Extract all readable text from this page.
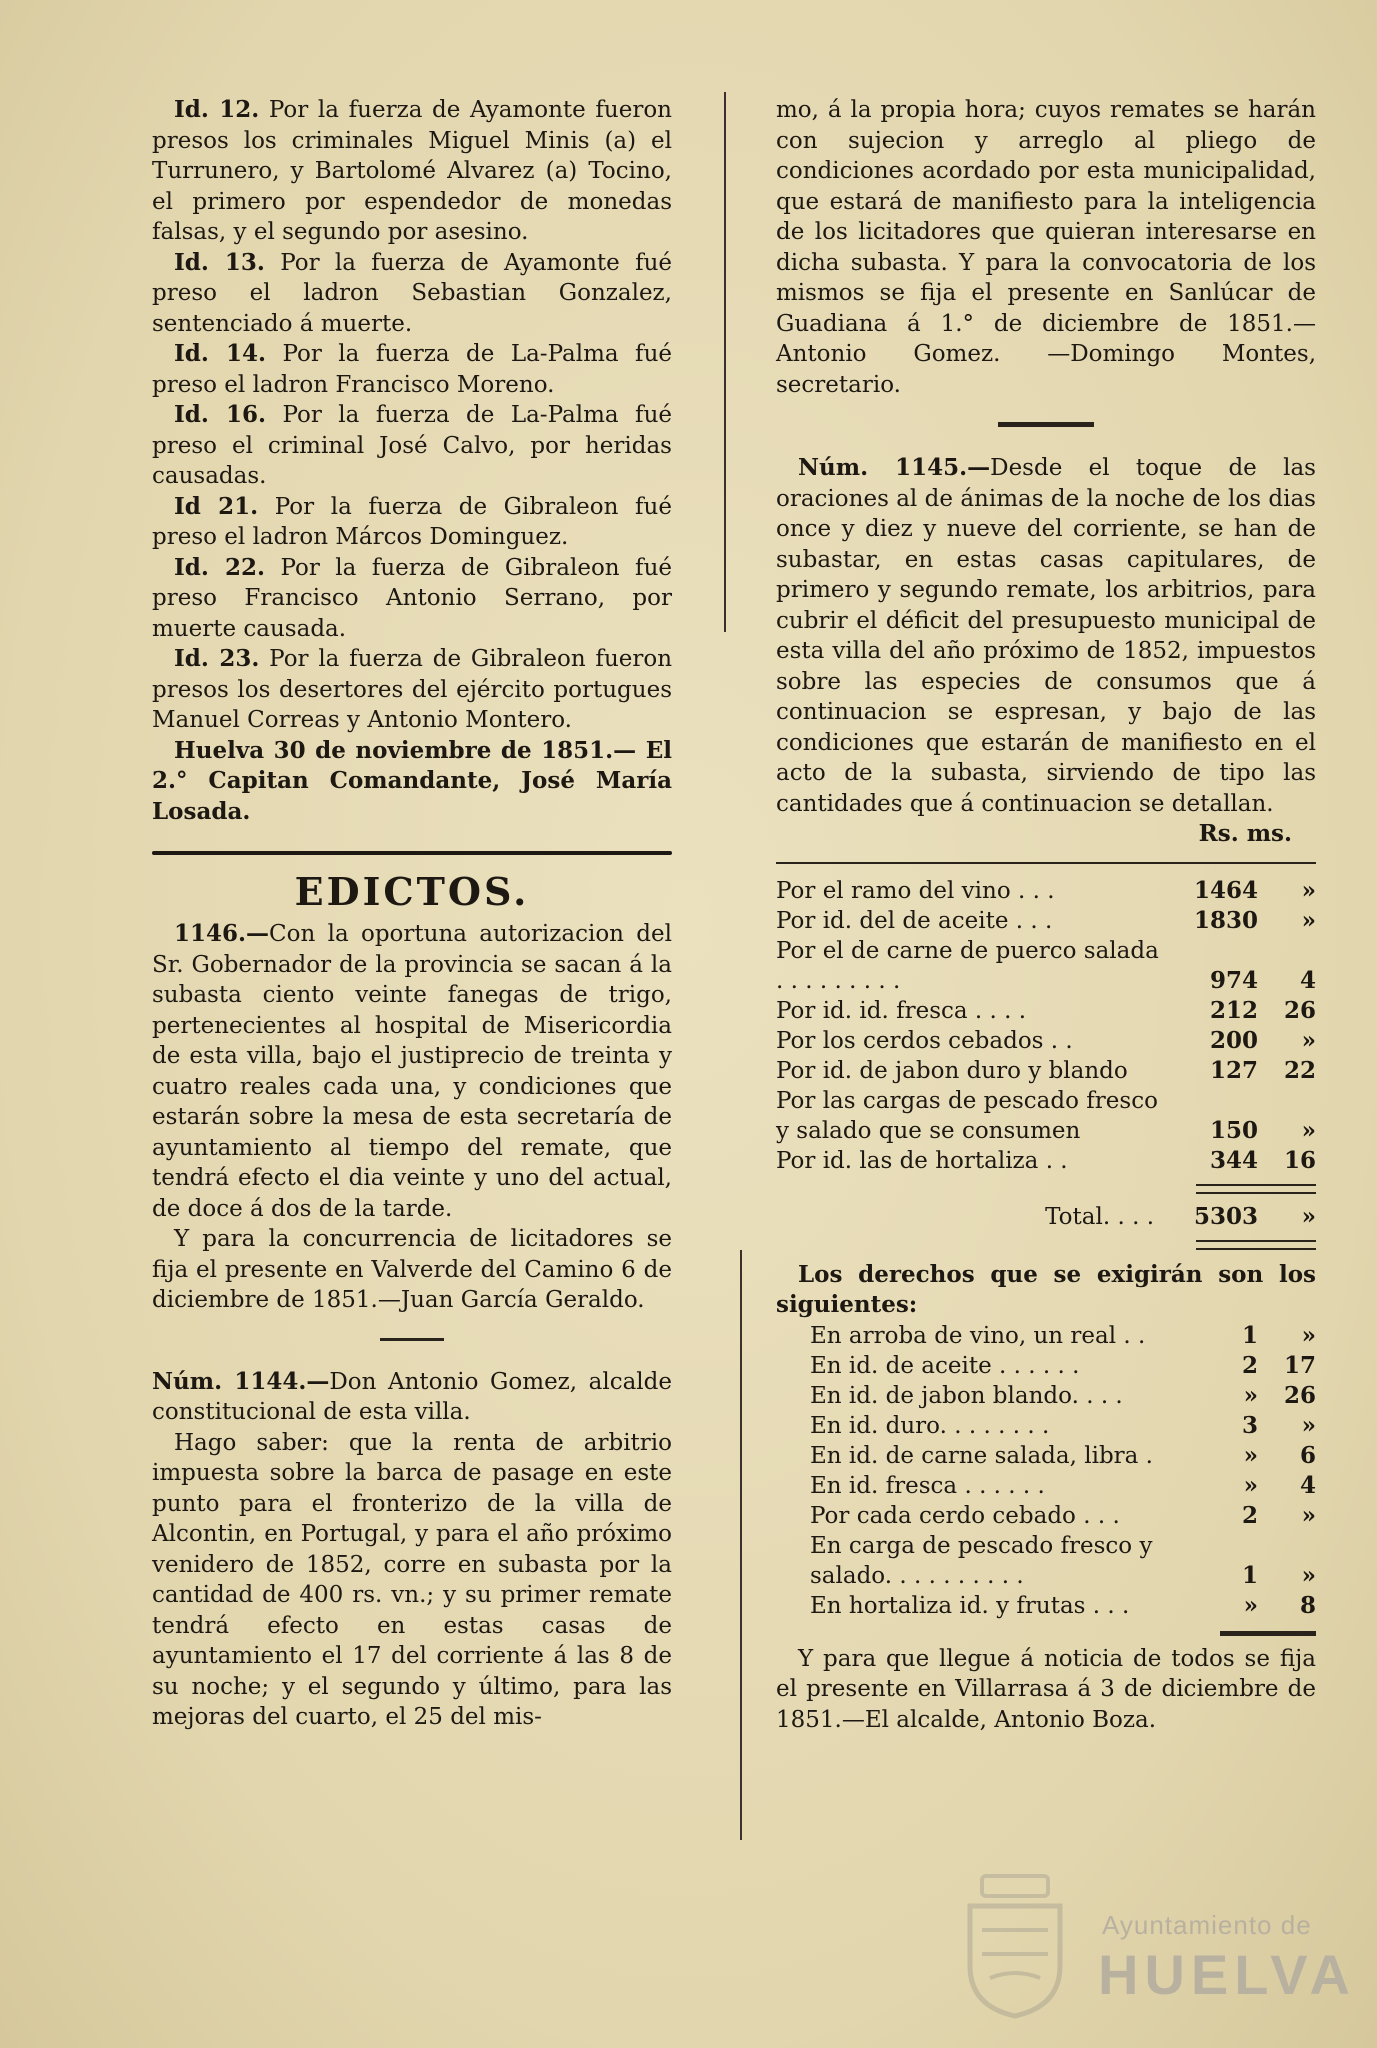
Id. 12. Por la fuerza de Ayamonte fueron presos los criminales Miguel Minis (a) el Turrunero, y Bartolomé Alvarez (a) Tocino, el primero por espendedor de monedas falsas, y el segundo por asesino.

Id. 13. Por la fuerza de Ayamonte fué preso el ladron Sebastian Gonzalez, sentenciado á muerte.

Id. 14. Por la fuerza de La-Palma fué preso el ladron Francisco Moreno.

Id. 16. Por la fuerza de La-Palma fué preso el criminal José Calvo, por heridas causadas.

Id 21. Por la fuerza de Gibraleon fué preso el ladron Márcos Dominguez.

Id. 22. Por la fuerza de Gibraleon fué preso Francisco Antonio Serrano, por muerte causada.

Id. 23. Por la fuerza de Gibraleon fueron presos los desertores del ejército portugues Manuel Correas y Antonio Montero.

Huelva 30 de noviembre de 1851.— El 2.° Capitan Comandante, José María Losada.

EDICTOS.

1146.—Con la oportuna autorizacion del Sr. Gobernador de la provincia se sacan á la subasta ciento veinte fanegas de trigo, pertenecientes al hospital de Misericordia de esta villa, bajo el justiprecio de treinta y cuatro reales cada una, y condiciones que estarán sobre la mesa de esta secretaría de ayuntamiento al tiempo del remate, que tendrá efecto el dia veinte y uno del actual, de doce á dos de la tarde.

Y para la concurrencia de licitadores se fija el presente en Valverde del Camino 6 de diciembre de 1851.—Juan García Geraldo.

Núm. 1144.—Don Antonio Gomez, alcalde constitucional de esta villa.

Hago saber: que la renta de arbitrio impuesta sobre la barca de pasage en este punto para el fronterizo de la villa de Alcontin, en Portugal, y para el año próximo venidero de 1852, corre en subasta por la cantidad de 400 rs. vn.; y su primer remate tendrá efecto en estas casas de ayuntamiento el 17 del corriente á las 8 de su noche; y el segundo y último, para las mejoras del cuarto, el 25 del mis-

mo, á la propia hora; cuyos remates se harán con sujecion y arreglo al pliego de condiciones acordado por esta municipalidad, que estará de manifiesto para la inteligencia de los licitadores que quieran interesarse en dicha subasta. Y para la convocatoria de los mismos se fija el presente en Sanlúcar de Guadiana á 1.° de diciembre de 1851.—Antonio Gomez. —Domingo Montes, secretario.

Núm. 1145.—Desde el toque de las oraciones al de ánimas de la noche de los dias once y diez y nueve del corriente, se han de subastar, en estas casas capitulares, de primero y segundo remate, los arbitrios, para cubrir el déficit del presupuesto municipal de esta villa del año próximo de 1852, impuestos sobre las especies de consumos que á continuacion se espresan, y bajo de las condiciones que estarán de manifiesto en el acto de la subasta, sirviendo de tipo las cantidades que á continuacion se detallan.

Rs. ms.
Por el ramo del vino . . .	1464	»
Por id. del de aceite . . .	1830	»
Por el de carne de puerco salada . . . . . . . . .	974	4
Por id. id. fresca . . . .	212	26
Por los cerdos cebados . .	200	»
Por id. de jabon duro y blando	127	22
Por las cargas de pescado fresco y salado que se consumen	150	»
Por id. las de hortaliza . .	344	16
Total. . . .	5303	»

Los derechos que se exigirán son los siguientes:

En arroba de vino, un real . .	1	»
En id. de aceite . . . . . .	2	17
En id. de jabon blando. . . .	»	26
En id. duro. . . . . . . .	3	»
En id. de carne salada, libra .	»	6
En id. fresca . . . . . .	»	4
Por cada cerdo cebado . . .	2	»
En carga de pescado fresco y salado. . . . . . . . . .	1	»
En hortaliza id. y frutas . . .	»	8

Y para que llegue á noticia de todos se fija el presente en Villarrasa á 3 de diciembre de 1851.—El alcalde, Antonio Boza.

Ayuntamiento de
HUELVA
